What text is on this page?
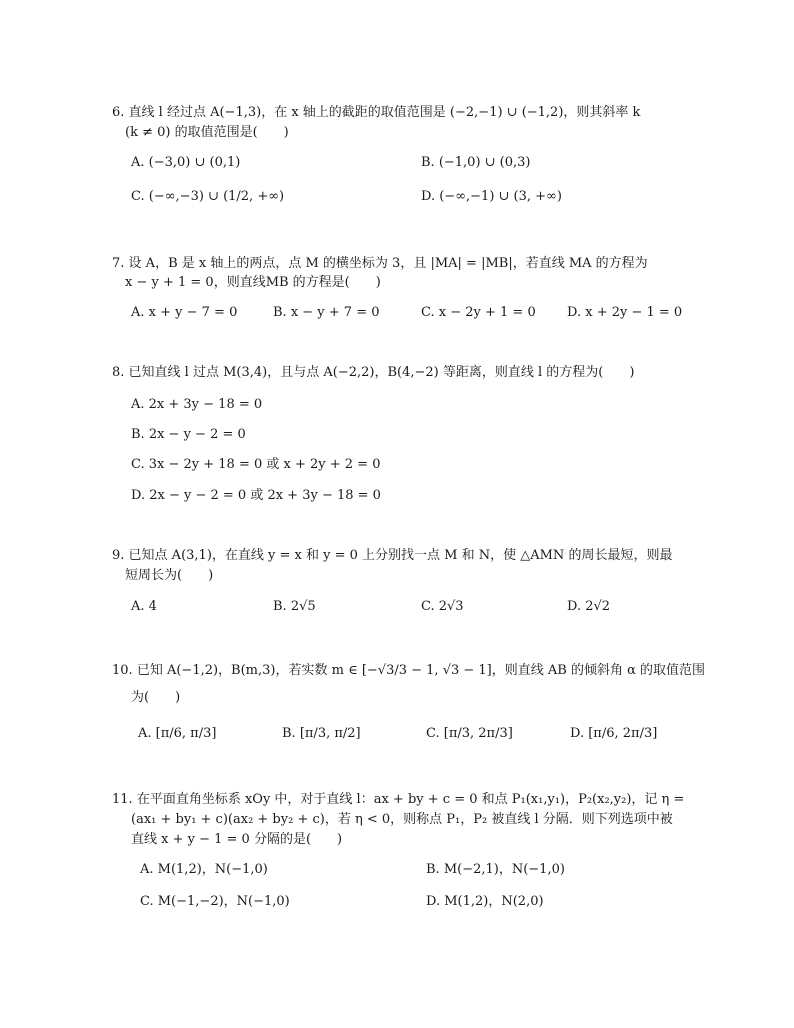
6. 直线 l 经过点 A(−1,3)，在 x 轴上的截距的取值范围是 (−2,−1) ∪ (−1,2)，则其斜率 k
(k ≠ 0) 的取值范围是(　　)
A. (−3,0) ∪ (0,1)	B. (−1,0) ∪ (0,3)
C. (−∞,−3) ∪ (1/2, +∞)	D. (−∞,−1) ∪ (3, +∞)
7. 设 A，B 是 x 轴上的两点，点 M 的横坐标为 3，且 |MA| = |MB|，若直线 MA 的方程为
x − y + 1 = 0，则直线MB 的方程是(　　)
A. x + y − 7 = 0	B. x − y + 7 = 0	C. x − 2y + 1 = 0 D. x + 2y − 1 = 0
8. 已知直线 l 过点 M(3,4)，且与点 A(−2,2)，B(4,−2) 等距离，则直线 l 的方程为(　　)
A. 2x + 3y − 18 = 0
B. 2x − y − 2 = 0
C. 3x − 2y + 18 = 0 或 x + 2y + 2 = 0
D. 2x − y − 2 = 0 或 2x + 3y − 18 = 0
9. 已知点 A(3,1)，在直线 y = x 和 y = 0 上分别找一点 M 和 N，使 △AMN 的周长最短，则最
短周长为(　　)
A. 4	B. 2√5	C. 2√3	D. 2√2
10. 已知 A(−1,2)，B(m,3)，若实数 m ∈ [−√3/3 − 1, √3 − 1]，则直线 AB 的倾斜角 α 的取值范围
为(　　)
A. [π/6, π/3]	B. [π/3, π/2]	C. [π/3, 2π/3]	D. [π/6, 2π/3]
11. 在平面直角坐标系 xOy 中，对于直线 l：ax + by + c = 0 和点 P₁(x₁,y₁)，P₂(x₂,y₂)，记 η =
(ax₁ + by₁ + c)(ax₂ + by₂ + c)，若 η < 0，则称点 P₁，P₂ 被直线 l 分隔．则下列选项中被
直线 x + y − 1 = 0 分隔的是(　　)
A. M(1,2)，N(−1,0)	B. M(−2,1)，N(−1,0)
C. M(−1,−2)，N(−1,0)	D. M(1,2)，N(2,0)
